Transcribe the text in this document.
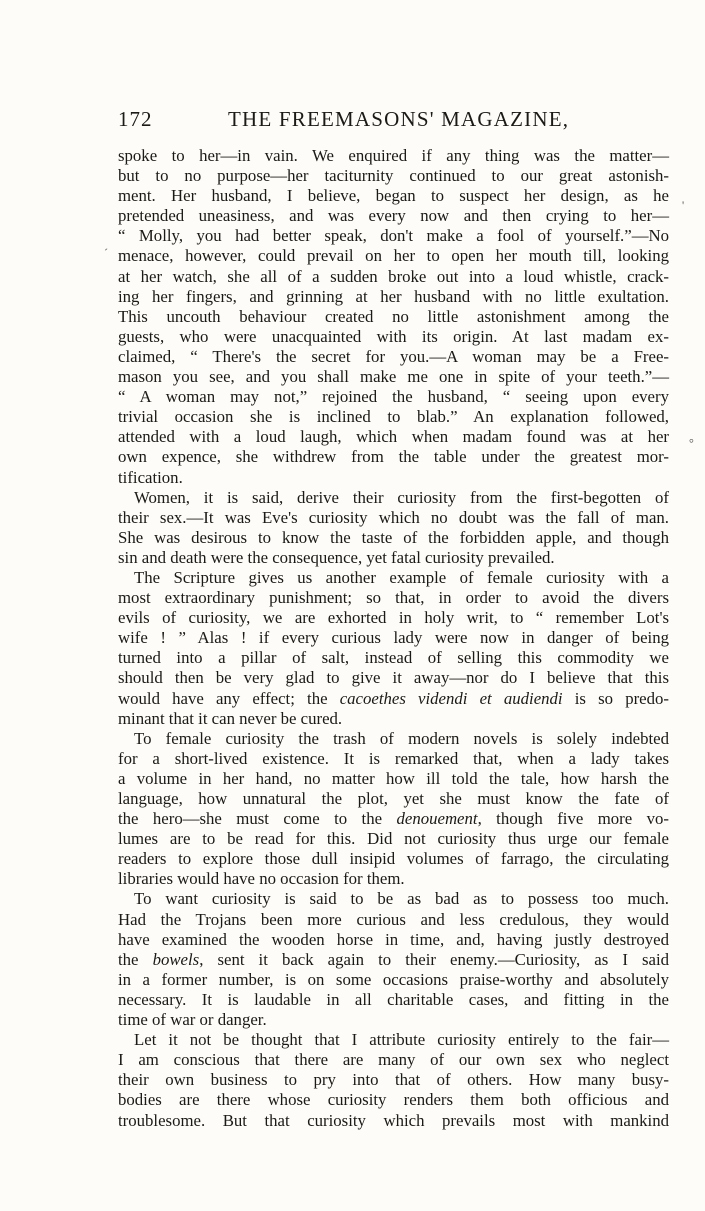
172	THE FREEMASONS' MAGAZINE,
spoke to her—in vain. We enquired if any thing was the matter—
but to no purpose—her taciturnity continued to our great astonish-
ment. Her husband, I believe, began to suspect her design, as he
pretended uneasiness, and was every now and then crying to her—
“ Molly, you had better speak, don't make a fool of yourself.”—No
menace, however, could prevail on her to open her mouth till, looking
at her watch, she all of a sudden broke out into a loud whistle, crack-
ing her fingers, and grinning at her husband with no little exultation.
This uncouth behaviour created no little astonishment among the
guests, who were unacquainted with its origin. At last madam ex-
claimed, “ There's the secret for you.—A woman may be a Free-
mason you see, and you shall make me one in spite of your teeth.”—
“ A woman may not,” rejoined the husband, “ seeing upon every
trivial occasion she is inclined to blab.” An explanation followed,
attended with a loud laugh, which when madam found was at her
own expence, she withdrew from the table under the greatest mor-
tification.
Women, it is said, derive their curiosity from the first-begotten of
their sex.—It was Eve's curiosity which no doubt was the fall of man.
She was desirous to know the taste of the forbidden apple, and though
sin and death were the consequence, yet fatal curiosity prevailed.
The Scripture gives us another example of female curiosity with a
most extraordinary punishment; so that, in order to avoid the divers
evils of curiosity, we are exhorted in holy writ, to “ remember Lot's
wife ! ” Alas ! if every curious lady were now in danger of being
turned into a pillar of salt, instead of selling this commodity we
should then be very glad to give it away—nor do I believe that this
would have any effect; the cacoethes videndi et audiendi is so predo-
minant that it can never be cured.
To female curiosity the trash of modern novels is solely indebted
for a short-lived existence. It is remarked that, when a lady takes
a volume in her hand, no matter how ill told the tale, how harsh the
language, how unnatural the plot, yet she must know the fate of
the hero—she must come to the denouement, though five more vo-
lumes are to be read for this. Did not curiosity thus urge our female
readers to explore those dull insipid volumes of farrago, the circulating
libraries would have no occasion for them.
To want curiosity is said to be as bad as to possess too much.
Had the Trojans been more curious and less credulous, they would
have examined the wooden horse in time, and, having justly destroyed
the bowels, sent it back again to their enemy.—Curiosity, as I said
in a former number, is on some occasions praise-worthy and absolutely
necessary. It is laudable in all charitable cases, and fitting in the
time of war or danger.
Let it not be thought that I attribute curiosity entirely to the fair—
I am conscious that there are many of our own sex who neglect
their own business to pry into that of others. How many busy-
bodies are there whose curiosity renders them both officious and
troublesome. But that curiosity which prevails most with mankind
'
´
°
